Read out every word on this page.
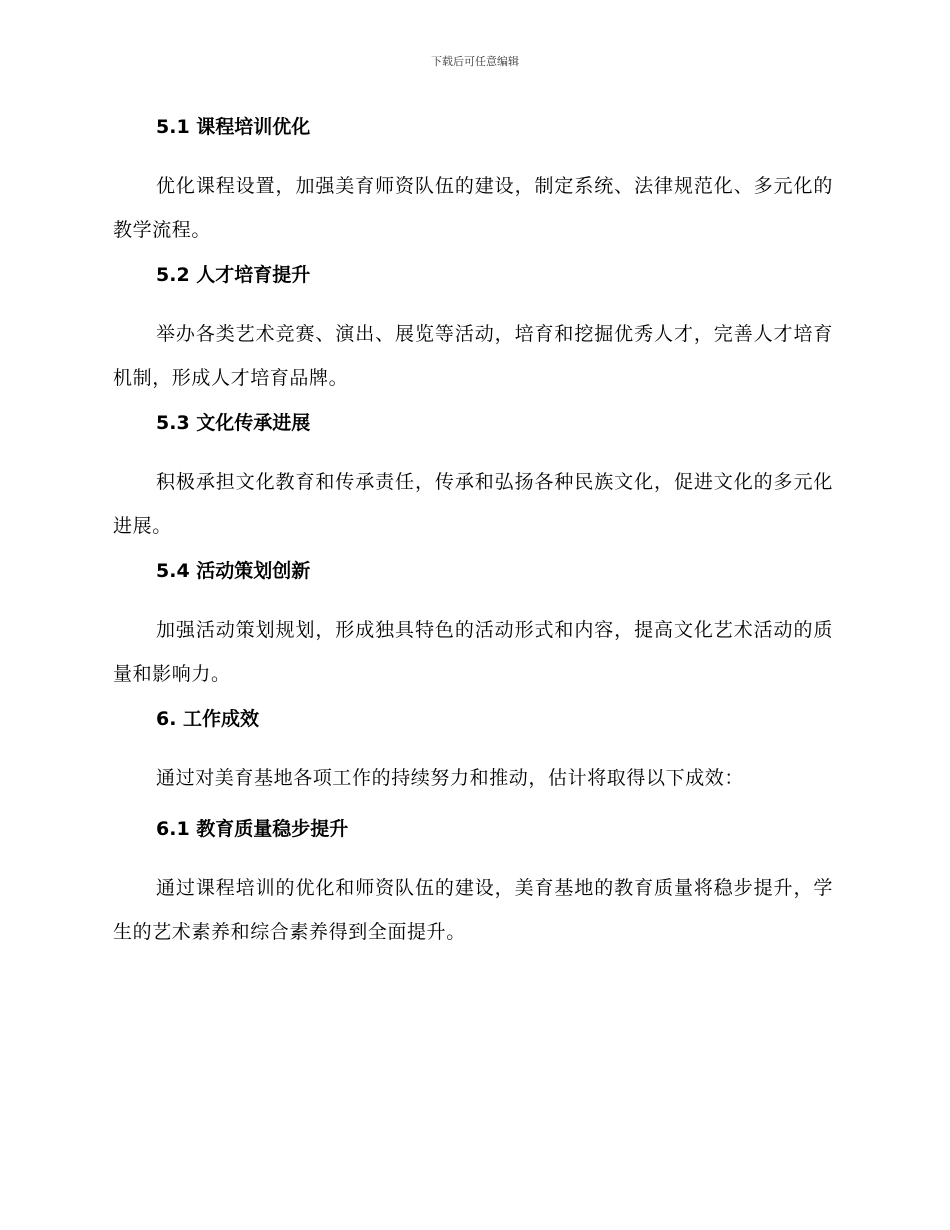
下载后可任意编辑
5.1 课程培训优化

优化课程设置，加强美育师资队伍的建设，制定系统、法律规范化、多元化的教学流程。

5.2 人才培育提升

举办各类艺术竞赛、演出、展览等活动，培育和挖掘优秀人才，完善人才培育机制，形成人才培育品牌。

5.3 文化传承进展

积极承担文化教育和传承责任，传承和弘扬各种民族文化，促进文化的多元化进展。

5.4 活动策划创新

加强活动策划规划，形成独具特色的活动形式和内容，提高文化艺术活动的质量和影响力。

6. 工作成效

通过对美育基地各项工作的持续努力和推动，估计将取得以下成效：

6.1 教育质量稳步提升

通过课程培训的优化和师资队伍的建设，美育基地的教育质量将稳步提升，学生的艺术素养和综合素养得到全面提升。
